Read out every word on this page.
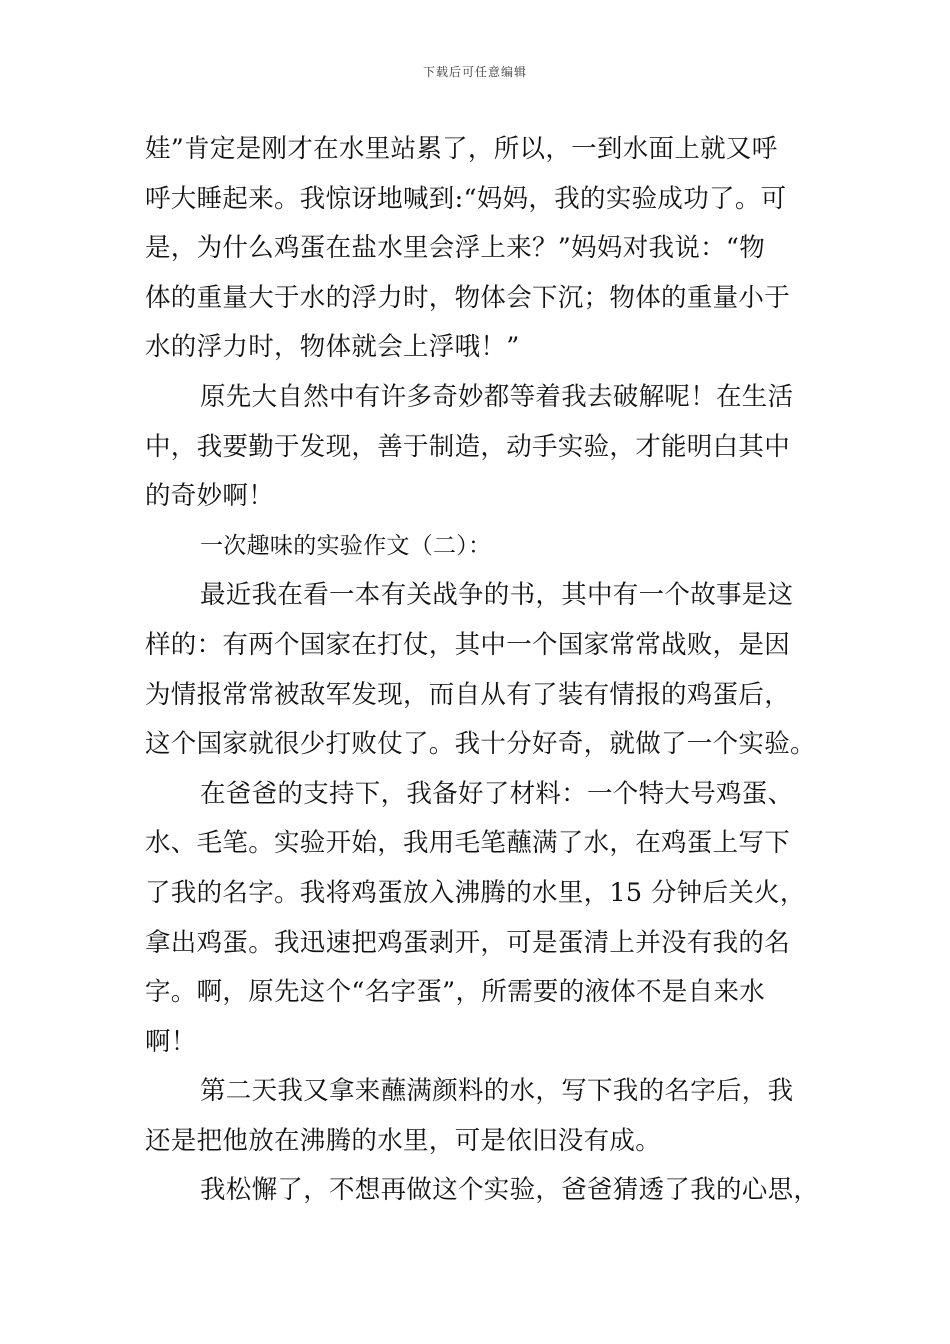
下载后可任意编辑
娃”肯定是刚才在水里站累了，所以，一到水面上就又呼
呼大睡起来。我惊讶地喊到:“妈妈，我的实验成功了。可
是，为什么鸡蛋在盐水里会浮上来？”妈妈对我说：“物
体的重量大于水的浮力时，物体会下沉；物体的重量小于
水的浮力时，物体就会上浮哦！”
原先大自然中有许多奇妙都等着我去破解呢！在生活
中，我要勤于发现，善于制造，动手实验，才能明白其中
的奇妙啊！
一次趣味的实验作文（二）：
最近我在看一本有关战争的书，其中有一个故事是这
样的：有两个国家在打仗，其中一个国家常常战败，是因
为情报常常被敌军发现，而自从有了装有情报的鸡蛋后，
这个国家就很少打败仗了。我十分好奇，就做了一个实验。
在爸爸的支持下，我备好了材料：一个特大号鸡蛋、
水、毛笔。实验开始，我用毛笔蘸满了水，在鸡蛋上写下
了我的名字。我将鸡蛋放入沸腾的水里，15 分钟后关火，
拿出鸡蛋。我迅速把鸡蛋剥开，可是蛋清上并没有我的名
字。啊，原先这个“名字蛋”，所需要的液体不是自来水
啊！
第二天我又拿来蘸满颜料的水，写下我的名字后，我
还是把他放在沸腾的水里，可是依旧没有成。
我松懈了，不想再做这个实验，爸爸猜透了我的心思，
